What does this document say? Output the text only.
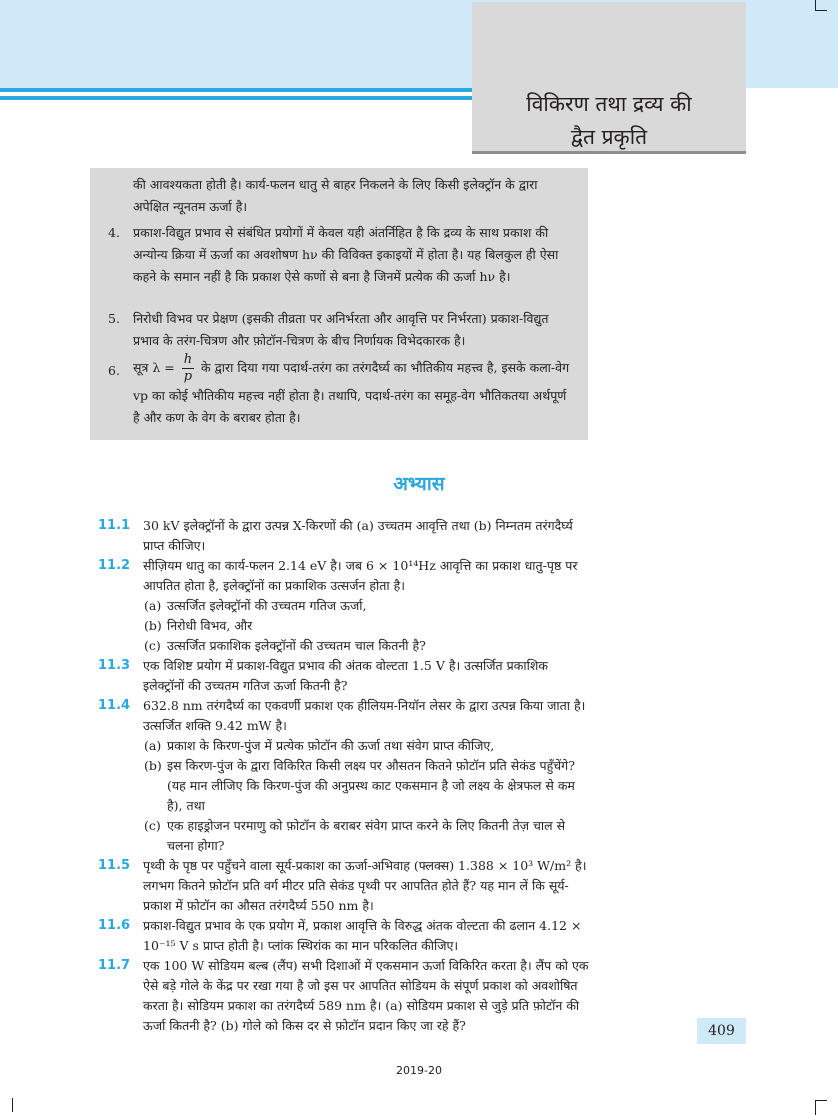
विकिरण तथा द्रव्य की
द्वैत प्रकृति
की आवश्यकता होती है। कार्य-फलन धातु से बाहर निकलने के लिए किसी इलेक्ट्रॉन के द्वारा अपेक्षित न्यूनतम ऊर्जा है।
4. प्रकाश-विद्युत प्रभाव से संबंधित प्रयोगों में केवल यही अंतर्निहित है कि द्रव्य के साथ प्रकाश की अन्योन्य क्रिया में ऊर्जा का अवशोषण hν की विविक्त इकाइयों में होता है। यह बिलकुल ही ऐसा कहने के समान नहीं है कि प्रकाश ऐसे कणों से बना है जिनमें प्रत्येक की ऊर्जा hν है।
5. निरोधी विभव पर प्रेक्षण (इसकी तीव्रता पर अनिर्भरता और आवृत्ति पर निर्भरता) प्रकाश-विद्युत प्रभाव के तरंग-चित्रण और फ़ोटॉन-चित्रण के बीच निर्णायक विभेदकारक है।
6. सूत्र $\lambda = \frac{h}{p}$ के द्वारा दिया गया पदार्थ-तरंग का तरंगदैर्घ्य का भौतिकीय महत्त्व है, इसके कला-वेग vp का कोई भौतिकीय महत्त्व नहीं होता है। तथापि, पदार्थ-तरंग का समूह-वेग भौतिकतया अर्थपूर्ण है और कण के वेग के बराबर होता है।
अभ्यास
11.1 30 kV इलेक्ट्रॉनों के द्वारा उत्पन्न X-किरणों की (a) उच्चतम आवृत्ति तथा (b) निम्नतम तरंगदैर्घ्य प्राप्त कीजिए।
11.2 सीज़ियम धातु का कार्य-फलन 2.14 eV है। जब 6 × 10¹⁴Hz आवृत्ति का प्रकाश धातु-पृष्ठ पर आपतित होता है, इलेक्ट्रॉनों का प्रकाशिक उत्सर्जन होता है।
(a) उत्सर्जित इलेक्ट्रॉनों की उच्चतम गतिज ऊर्जा,
(b) निरोधी विभव, और
(c) उत्सर्जित प्रकाशिक इलेक्ट्रॉनों की उच्चतम चाल कितनी है?
11.3 एक विशिष्ट प्रयोग में प्रकाश-विद्युत प्रभाव की अंतक वोल्टता 1.5 V है। उत्सर्जित प्रकाशिक इलेक्ट्रॉनों की उच्चतम गतिज ऊर्जा कितनी है?
11.4 632.8 nm तरंगदैर्घ्य का एकवर्णी प्रकाश एक हीलियम-नियॉन लेसर के द्वारा उत्पन्न किया जाता है। उत्सर्जित शक्ति 9.42 mW है।
(a) प्रकाश के किरण-पुंज में प्रत्येक फ़ोटॉन की ऊर्जा तथा संवेग प्राप्त कीजिए,
(b) इस किरण-पुंज के द्वारा विकिरित किसी लक्ष्य पर औसतन कितने फ़ोटॉन प्रति सेकंड पहुँचेंगे? (यह मान लीजिए कि किरण-पुंज की अनुप्रस्थ काट एकसमान है जो लक्ष्य के क्षेत्रफल से कम है), तथा
(c) एक हाइड्रोजन परमाणु को फ़ोटॉन के बराबर संवेग प्राप्त करने के लिए कितनी तेज़ चाल से चलना होगा?
11.5 पृथ्वी के पृष्ठ पर पहुँचने वाला सूर्य-प्रकाश का ऊर्जा-अभिवाह (फ्लक्स) 1.388 × 10³ W/m² है। लगभग कितने फ़ोटॉन प्रति वर्ग मीटर प्रति सेकंड पृथ्वी पर आपतित होते हैं? यह मान लें कि सूर्य-प्रकाश में फ़ोटॉन का औसत तरंगदैर्घ्य 550 nm है।
11.6 प्रकाश-विद्युत प्रभाव के एक प्रयोग में, प्रकाश आवृत्ति के विरुद्ध अंतक वोल्टता की ढलान 4.12 × 10⁻¹⁵ V s प्राप्त होती है। प्लांक स्थिरांक का मान परिकलित कीजिए।
11.7 एक 100 W सोडियम बल्ब (लैंप) सभी दिशाओं में एकसमान ऊर्जा विकिरित करता है। लैंप को एक ऐसे बड़े गोले के केंद्र पर रखा गया है जो इस पर आपतित सोडियम के संपूर्ण प्रकाश को अवशोषित करता है। सोडियम प्रकाश का तरंगदैर्घ्य 589 nm है। (a) सोडियम प्रकाश से जुड़े प्रति फ़ोटॉन की ऊर्जा कितनी है? (b) गोले को किस दर से फ़ोटॉन प्रदान किए जा रहे हैं?	409
2019-20
